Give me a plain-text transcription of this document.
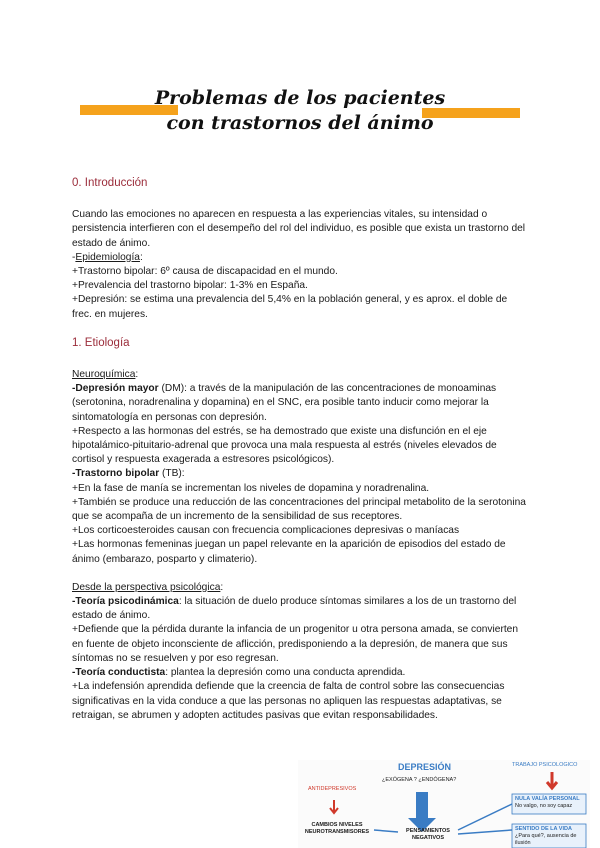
Problemas de los pacientes
con trastornos del ánimo

0. Introducción

Cuando las emociones no aparecen en respuesta a las experiencias vitales, su intensidad o persistencia interfieren con el desempeño del rol del individuo, es posible que exista un trastorno del estado de ánimo.

-Epidemiología:

+Trastorno bipolar: 6º causa de discapacidad en el mundo.

+Prevalencia del trastorno bipolar: 1-3% en España.

+Depresión: se estima una prevalencia del 5,4% en la población general, y es aprox. el doble de frec. en mujeres.

1. Etiología

Neuroquímica:

-Depresión mayor (DM): a través de la manipulación de las concentraciones de monoaminas (serotonina, noradrenalina y dopamina) en el SNC, era posible tanto inducir como mejorar la sintomatología en personas con depresión.

+Respecto a las hormonas del estrés, se ha demostrado que existe una disfunción en el eje hipotalámico-pituitario-adrenal que provoca una mala respuesta al estrés (niveles elevados de cortisol y respuesta exagerada a estresores psicológicos).

-Trastorno bipolar (TB):

+En la fase de manía se incrementan los niveles de dopamina y noradrenalina.

+También se produce una reducción de las concentraciones del principal metabolito de la serotonina que se acompaña de un incremento de la sensibilidad de sus receptores.

+Los corticoesteroides causan con frecuencia complicaciones depresivas o maníacas

+Las hormonas femeninas juegan un papel relevante en la aparición de episodios del estado de ánimo (embarazo, posparto y climaterio).

Desde la perspectiva psicológica:

-Teoría psicodinámica: la situación de duelo produce síntomas similares a los de un trastorno del estado de ánimo.

+Defiende que la pérdida durante la infancia de un progenitor u otra persona amada, se convierten en fuente de objeto inconsciente de aflicción, predisponiendo a la depresión, de manera que sus síntomas no se resuelven y por eso regresan.

-Teoría conductista: plantea la depresión como una conducta aprendida.

+La indefensión aprendida defiende que la creencia de falta de control sobre las consecuencias significativas en la vida conduce a que las personas no apliquen las respuestas adaptativas, se retraigan, se abrumen y adopten actitudes pasivas que evitan responsabilidades.

DEPRESIÓN
¿EXÓGENA ? ¿ENDÓGENA?
ANTIDEPRESIVOS
CAMBIOS NIVELES NEUROTRANSMISORES	PENSAMIENTOS NEGATIVOS
TRABAJO PSICOLOGICO
NULA VALÍA PERSONAL
No valgo, no soy capaz
SENTIDO DE LA VIDA
¿Para qué?, ausencia de ilusión
